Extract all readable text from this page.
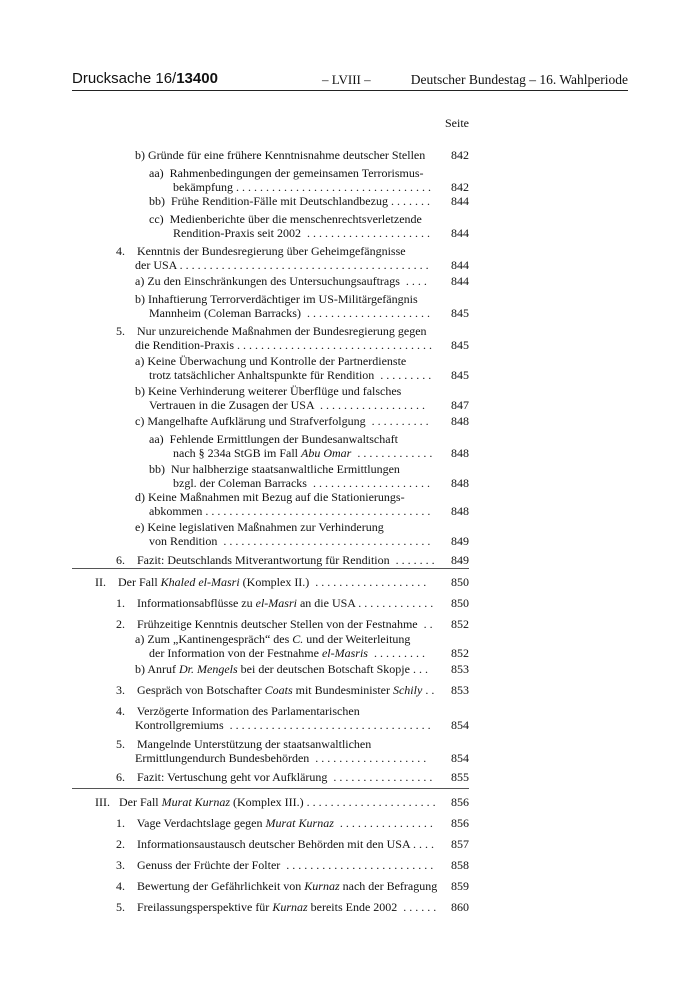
Drucksache 16/13400	– LVIII –	Deutscher Bundestag – 16. Wahlperiode
Seite
b) Gründe für eine frühere Kenntnisnahme deutscher Stellen 842
aa)  Rahmenbedingungen der gemeinsamen Terrorismus-
bekämpfung . . . . . . . . . . . . . . . . . . . . . . . . . . . . . . . . . 842
bb)  Frühe Rendition-Fälle mit Deutschlandbezug . . . . . . . 844
cc)  Medienberichte über die menschenrechtsverletzende
Rendition-Praxis seit 2002  . . . . . . . . . . . . . . . . . . . . . 844
4.    Kenntnis der Bundesregierung über Geheimgefängnisse
der USA . . . . . . . . . . . . . . . . . . . . . . . . . . . . . . . . . . . . . . . . . . 844
a) Zu den Einschränkungen des Untersuchungsauftrags  . . . . 844
b) Inhaftierung Terrorverdächtiger im US-Militärgefängnis
Mannheim (Coleman Barracks)  . . . . . . . . . . . . . . . . . . . . . 845
5.    Nur unzureichende Maßnahmen der Bundesregierung gegen
die Rendition-Praxis . . . . . . . . . . . . . . . . . . . . . . . . . . . . . . . . . 845
a) Keine Überwachung und Kontrolle der Partnerdienste
trotz tatsächlicher Anhaltspunkte für Rendition  . . . . . . . . . 845
b) Keine Verhinderung weiterer Überflüge und falsches
Vertrauen in die Zusagen der USA  . . . . . . . . . . . . . . . . . . 847
c) Mangelhafte Aufklärung und Strafverfolgung  . . . . . . . . . . 848
aa)  Fehlende Ermittlungen der Bundesanwaltschaft
nach § 234a StGB im Fall Abu Omar  . . . . . . . . . . . . . 848
bb)  Nur halbherzige staatsanwaltliche Ermittlungen
bzgl. der Coleman Barracks  . . . . . . . . . . . . . . . . . . . . 848
d) Keine Maßnahmen mit Bezug auf die Stationierungs-
abkommen . . . . . . . . . . . . . . . . . . . . . . . . . . . . . . . . . . . . . . 848
e) Keine legislativen Maßnahmen zur Verhinderung
von Rendition  . . . . . . . . . . . . . . . . . . . . . . . . . . . . . . . . . . . 849
6.    Fazit: Deutschlands Mitverantwortung für Rendition  . . . . . . . 849
II.    Der Fall Khaled el-Masri (Komplex II.)  . . . . . . . . . . . . . . . . . . . 850
1.    Informationsabflüsse zu el-Masri an die USA . . . . . . . . . . . . . 850
2.    Frühzeitige Kenntnis deutscher Stellen von der Festnahme  . . 852
a) Zum „Kantinengespräch“ des C. und der Weiterleitung
der Information von der Festnahme el-Masris  . . . . . . . . . 852
b) Anruf Dr. Mengels bei der deutschen Botschaft Skopje . . . 853
3.    Gespräch von Botschafter Coats mit Bundesminister Schily . . 853
4.    Verzögerte Information des Parlamentarischen
Kontrollgremiums  . . . . . . . . . . . . . . . . . . . . . . . . . . . . . . . . . . 854
5.    Mangelnde Unterstützung der staatsanwaltlichen
Ermittlungendurch Bundesbehörden  . . . . . . . . . . . . . . . . . . . 854
6.    Fazit: Vertuschung geht vor Aufklärung  . . . . . . . . . . . . . . . . . 855
III.   Der Fall Murat Kurnaz (Komplex III.) . . . . . . . . . . . . . . . . . . . . . . 856
1.    Vage Verdachtslage gegen Murat Kurnaz  . . . . . . . . . . . . . . . . 856
2.    Informationsaustausch deutscher Behörden mit den USA . . . . 857
3.    Genuss der Früchte der Folter  . . . . . . . . . . . . . . . . . . . . . . . . . 858
4.    Bewertung der Gefährlichkeit von Kurnaz nach der Befragung 859
5.    Freilassungsperspektive für Kurnaz bereits Ende 2002  . . . . . . 860
